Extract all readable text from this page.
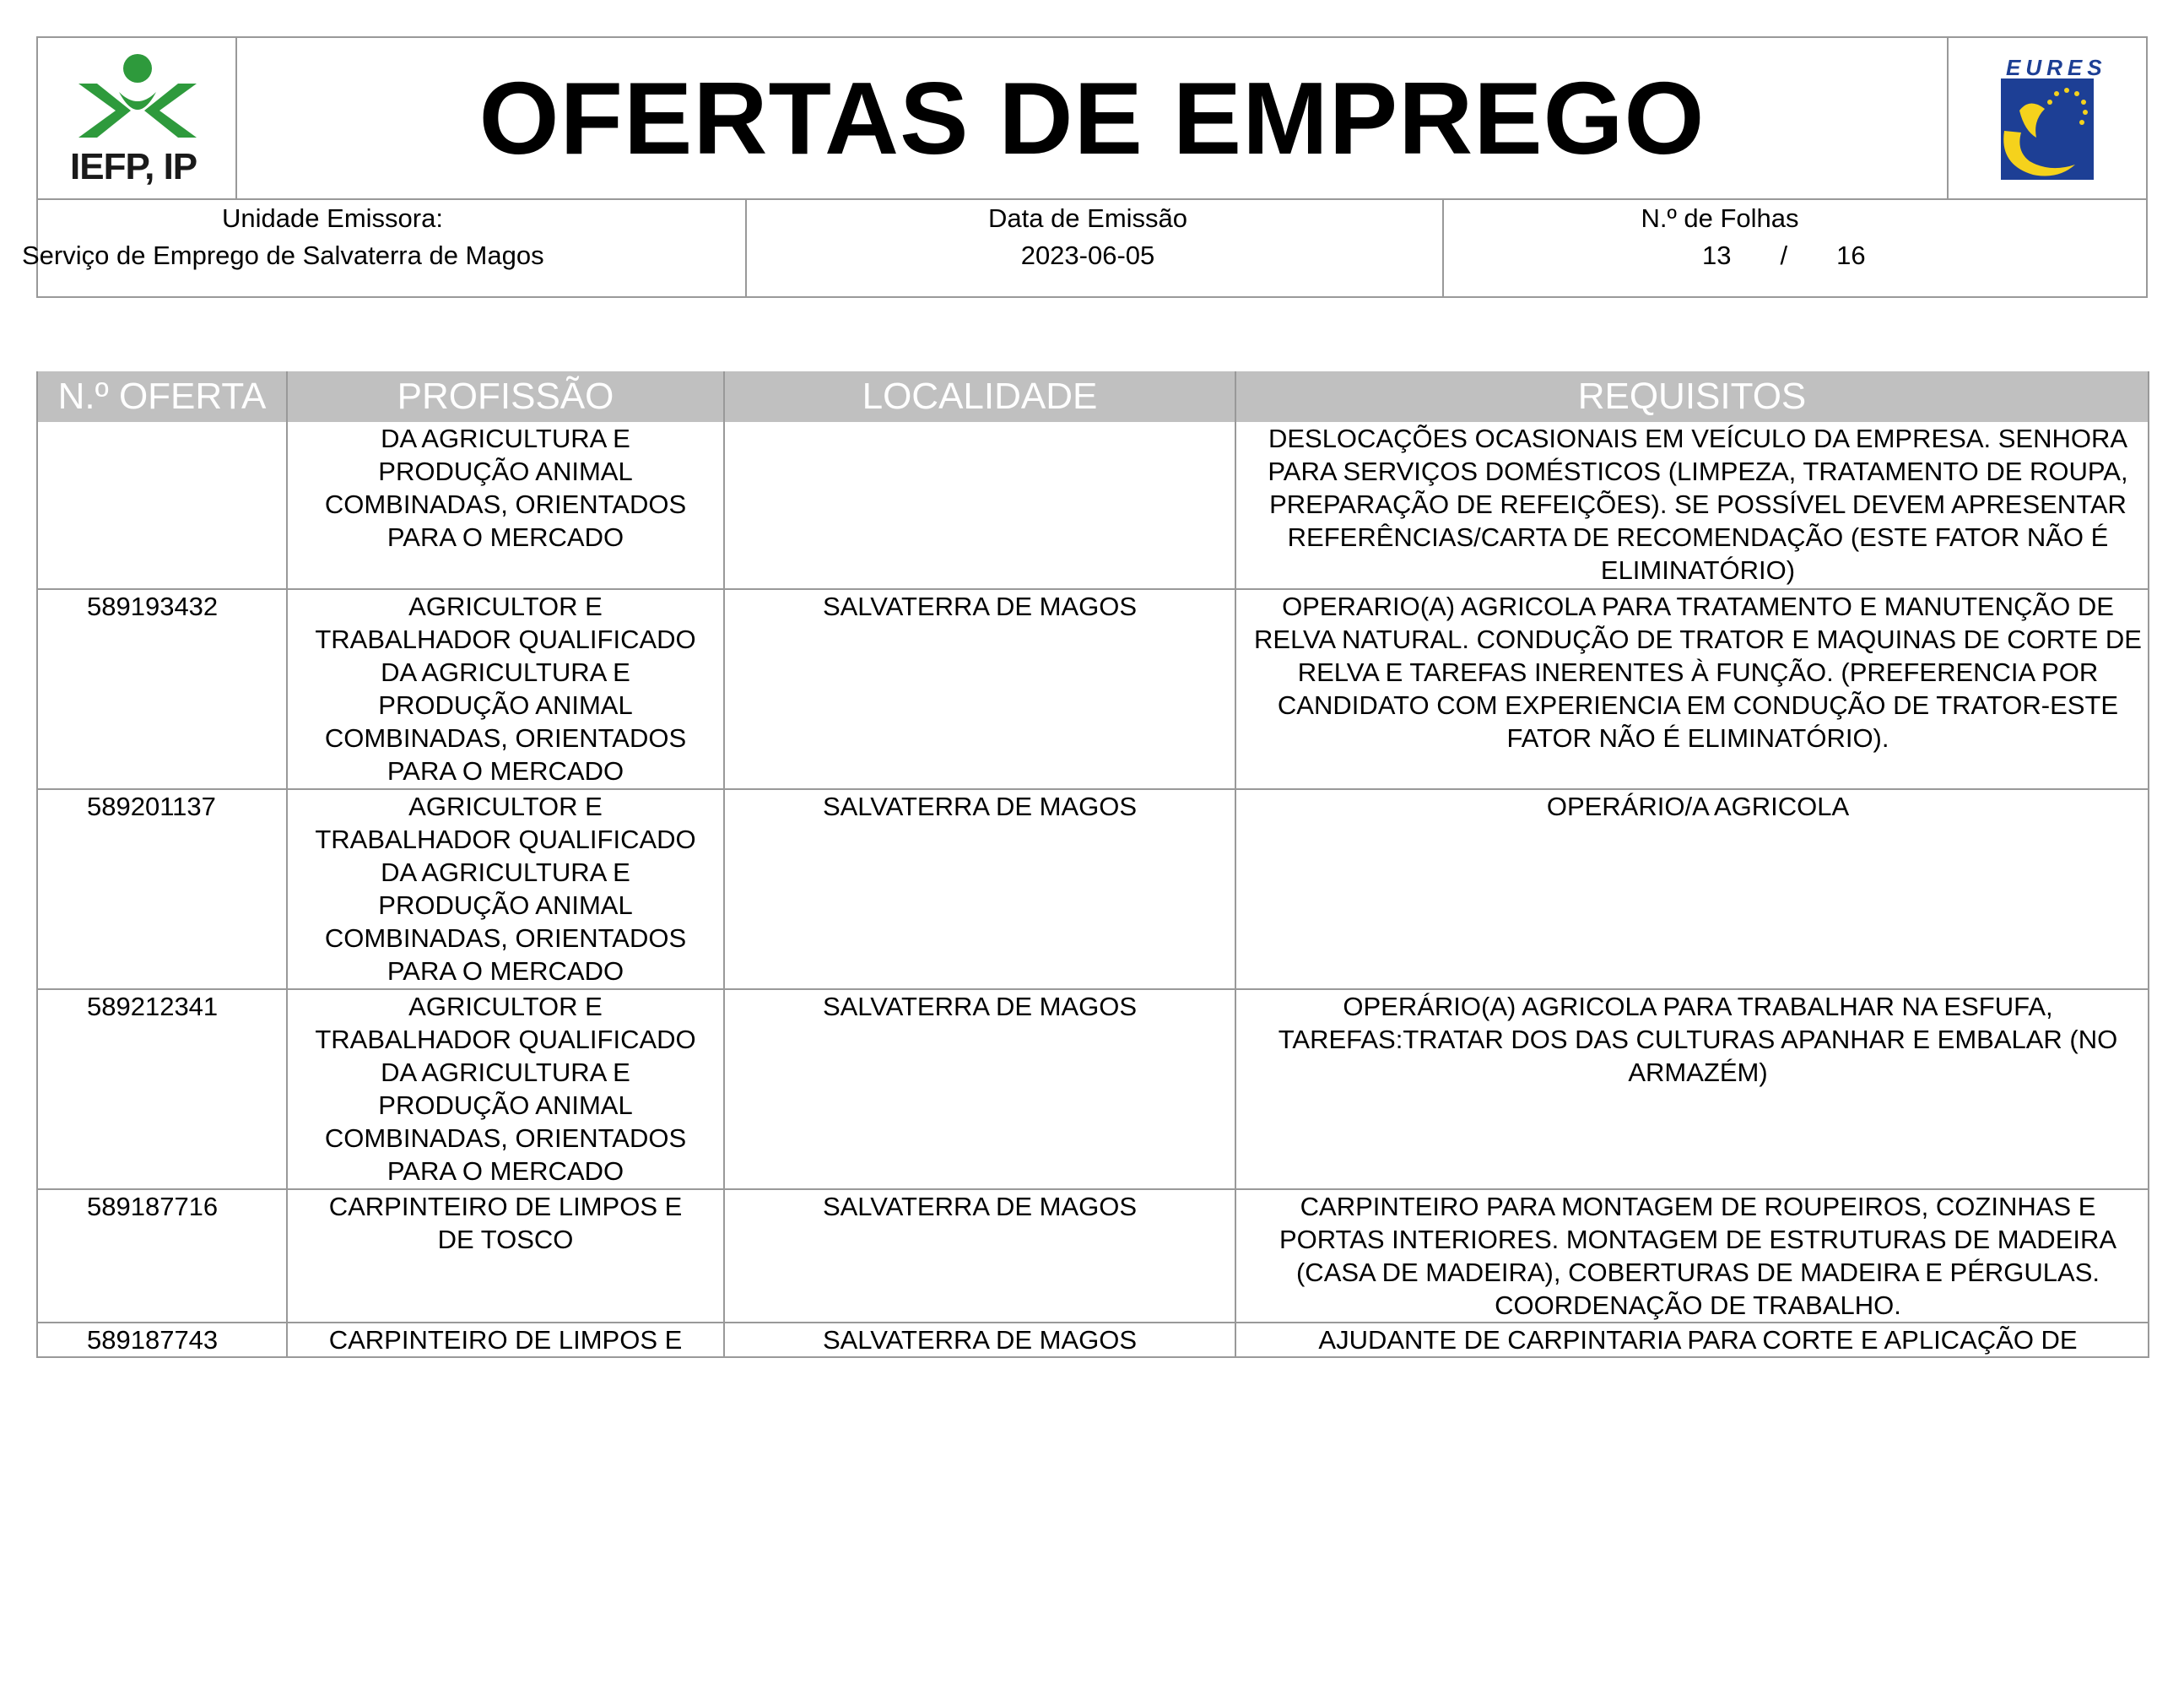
IEFP, IP	OFERTAS DE EMPREGO	EURES
Unidade Emissora:
Serviço de Emprego de Salvaterra de Magos
Data de Emissão
2023-06-05
N.º de Folhas
13 / 16
N.º OFERTA	PROFISSÃO	LOCALIDADE	REQUISITOS
	DA AGRICULTURA E PRODUÇÃO ANIMAL COMBINADAS, ORIENTADOS PARA O MERCADO		DESLOCAÇÕES OCASIONAIS EM VEÍCULO DA EMPRESA. SENHORA PARA SERVIÇOS DOMÉSTICOS (LIMPEZA, TRATAMENTO DE ROUPA, PREPARAÇÃO DE REFEIÇÕES). SE POSSÍVEL DEVEM APRESENTAR REFERÊNCIAS/CARTA DE RECOMENDAÇÃO (ESTE FATOR NÃO É ELIMINATÓRIO)
589193432	AGRICULTOR E TRABALHADOR QUALIFICADO DA AGRICULTURA E PRODUÇÃO ANIMAL COMBINADAS, ORIENTADOS PARA O MERCADO	SALVATERRA DE MAGOS	OPERARIO(A) AGRICOLA PARA TRATAMENTO E MANUTENÇÃO DE RELVA NATURAL. CONDUÇÃO DE TRATOR E MAQUINAS DE CORTE DE RELVA E TAREFAS INERENTES À FUNÇÃO. (PREFERENCIA POR CANDIDATO COM EXPERIENCIA EM CONDUÇÃO DE TRATOR-ESTE FATOR NÃO É ELIMINATÓRIO).
589201137	AGRICULTOR E TRABALHADOR QUALIFICADO DA AGRICULTURA E PRODUÇÃO ANIMAL COMBINADAS, ORIENTADOS PARA O MERCADO	SALVATERRA DE MAGOS	OPERÁRIO/A AGRICOLA
589212341	AGRICULTOR E TRABALHADOR QUALIFICADO DA AGRICULTURA E PRODUÇÃO ANIMAL COMBINADAS, ORIENTADOS PARA O MERCADO	SALVATERRA DE MAGOS	OPERÁRIO(A) AGRICOLA PARA TRABALHAR NA ESFUFA, TAREFAS:TRATAR DOS DAS CULTURAS APANHAR E EMBALAR (NO ARMAZÉM)
589187716	CARPINTEIRO DE LIMPOS E DE TOSCO	SALVATERRA DE MAGOS	CARPINTEIRO PARA MONTAGEM DE ROUPEIROS, COZINHAS E PORTAS INTERIORES. MONTAGEM DE ESTRUTURAS DE MADEIRA (CASA DE MADEIRA), COBERTURAS DE MADEIRA E PÉRGULAS. COORDENAÇÃO DE TRABALHO.
589187743	CARPINTEIRO DE LIMPOS E	SALVATERRA DE MAGOS	AJUDANTE DE CARPINTARIA PARA CORTE E APLICAÇÃO DE
